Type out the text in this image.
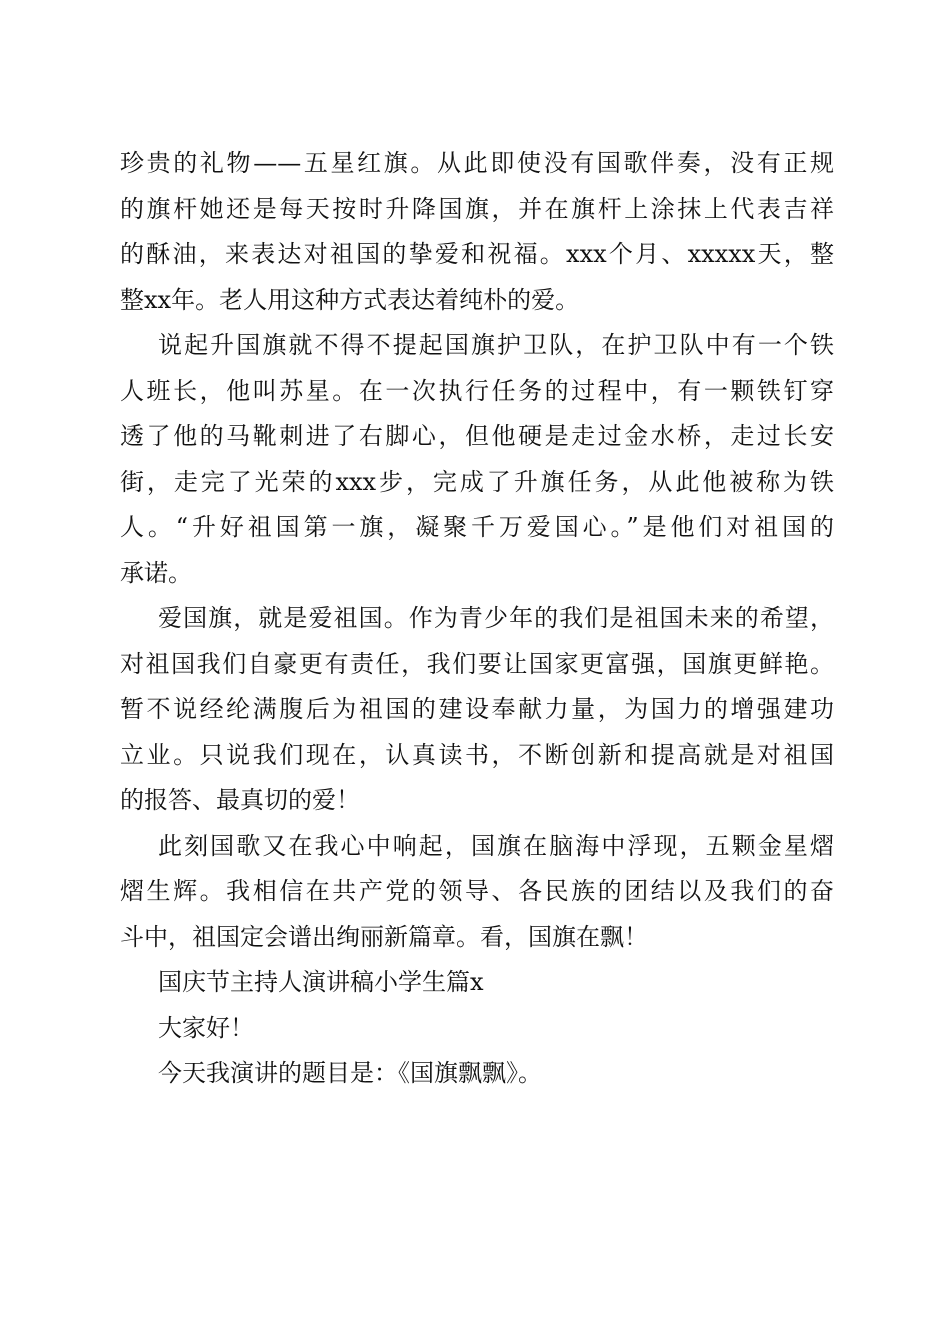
珍贵的礼物——五星红旗。从此即使没有国歌伴奏，没有正规
的旗杆她还是每天按时升降国旗，并在旗杆上涂抹上代表吉祥
的酥油，来表达对祖国的挚爱和祝福。xxx个月、xxxxx天，整
整xx年。老人用这种方式表达着纯朴的爱。
说起升国旗就不得不提起国旗护卫队，在护卫队中有一个铁
人班长，他叫苏星。在一次执行任务的过程中，有一颗铁钉穿
透了他的马靴刺进了右脚心，但他硬是走过金水桥，走过长安
街，走完了光荣的xxx步，完成了升旗任务，从此他被称为铁
人。“升好祖国第一旗，凝聚千万爱国心。”是他们对祖国的
承诺。
爱国旗，就是爱祖国。作为青少年的我们是祖国未来的希望，
对祖国我们自豪更有责任，我们要让国家更富强，国旗更鲜艳。
暂不说经纶满腹后为祖国的建设奉献力量，为国力的增强建功
立业。只说我们现在，认真读书，不断创新和提高就是对祖国
的报答、最真切的爱！
此刻国歌又在我心中响起，国旗在脑海中浮现，五颗金星熠
熠生辉。我相信在共产党的领导、各民族的团结以及我们的奋
斗中，祖国定会谱出绚丽新篇章。看，国旗在飘！
国庆节主持人演讲稿小学生篇x
大家好！
今天我演讲的题目是：《国旗飘飘》。
